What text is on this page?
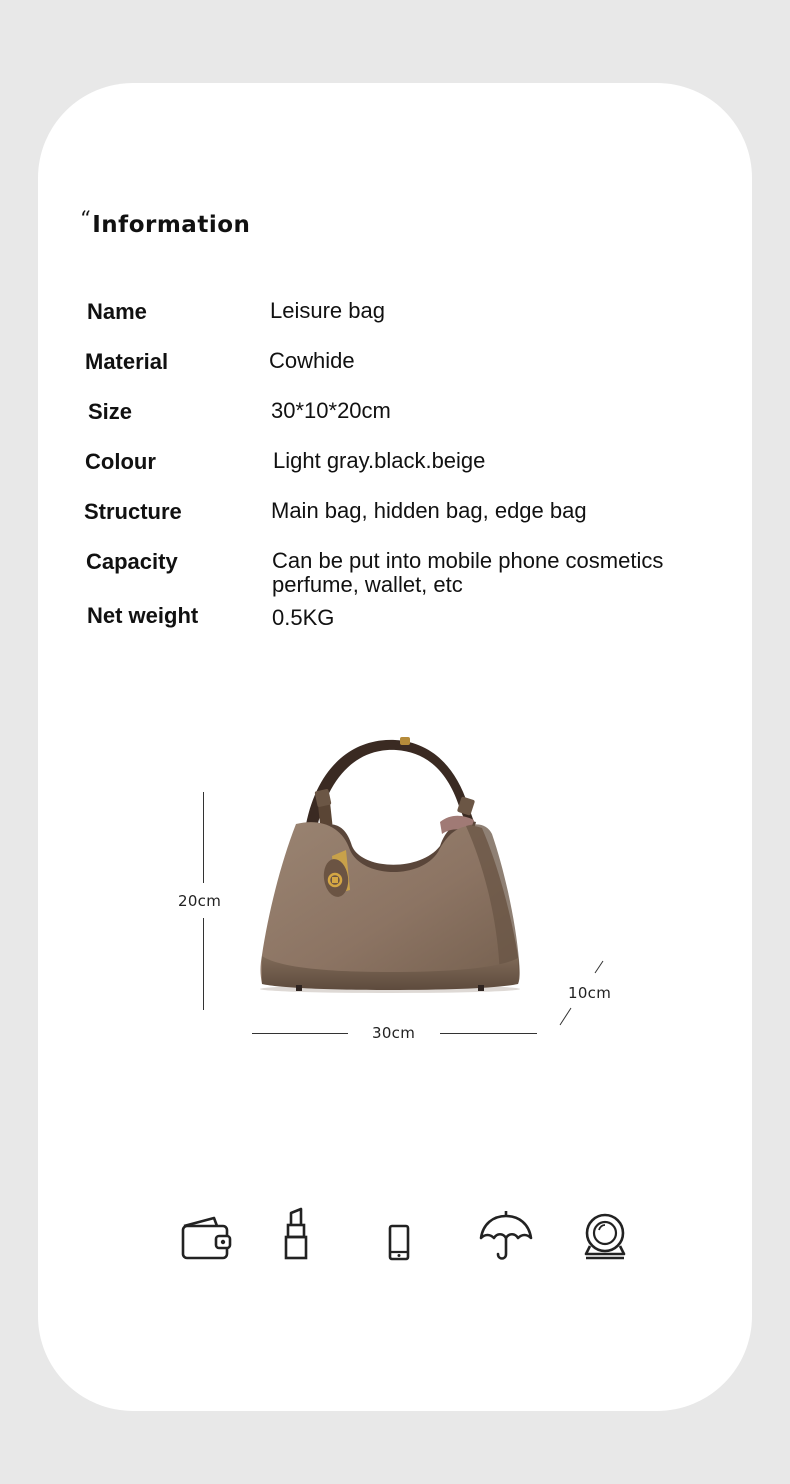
“Information
Name	Leisure bag
Material	Cowhide
Size	30*10*20cm
Colour	Light gray.black.beige
Structure	Main bag, hidden bag, edge bag
Capacity	Can be put into mobile phone cosmetics
perfume, wallet, etc
Net weight	0.5KG
20cm
30cm
10cm
